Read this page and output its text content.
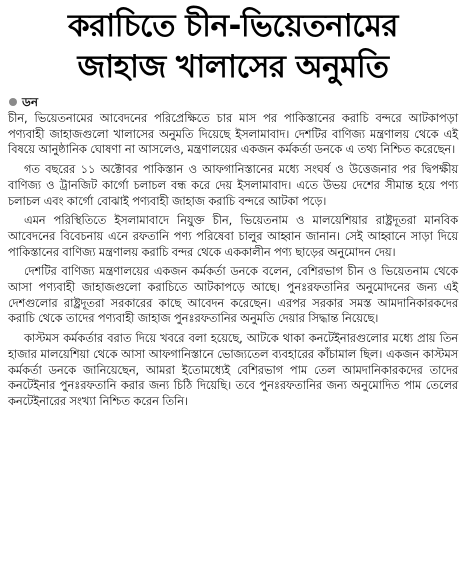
করাচিতে চীন-ভিয়েতনামের
জাহাজ খালাসের অনুমতি
ডন

চীন, ভিয়েতনামের আবেদনের পরিপ্রেক্ষিতে চার মাস পর পাকিস্তানের করাচি বন্দরে আটকাপড়া পণ্যবাহী জাহাজগুলো খালাসের অনুমতি দিয়েছে ইসলামাবাদ। দেশটির বাণিজ্য মন্ত্রণালয় থেকে এই বিষয়ে আনুষ্ঠানিক ঘোষণা না আসলেও, মন্ত্রণালয়ের একজন কর্মকর্তা ডনকে এ তথ্য নিশ্চিত করেছেন।

গত বছরের ১১ অক্টোবর পাকিস্তান ও আফগানিস্তানের মধ্যে সংঘর্ষ ও উত্তেজনার পর দ্বিপক্ষীয় বাণিজ্য ও ট্রানজিট কার্গো চলাচল বন্ধ করে দেয় ইসলামাবাদ। এতে উভয় দেশের সীমান্ত হয়ে পণ্য চলাচল এবং কার্গো বোঝাই পণ্যবাহী জাহাজ করাচি বন্দরে আটকা পড়ে।

এমন পরিস্থিতিতে ইসলামাবাদে নিযুক্ত চীন, ভিয়েতনাম ও মালয়েশিয়ার রাষ্ট্রদূতরা মানবিক আবেদনের বিবেচনায় এনে রফতানি পণ্য পরিষেবা চালুর আহ্বান জানান। সেই আহ্বানে সাড়া দিয়ে পাকিস্তানের বাণিজ্য মন্ত্রণালয় করাচি বন্দর থেকে এককালীন পণ্য ছাড়ের অনুমোদন দেয়।

দেশটির বাণিজ্য মন্ত্রণালয়ের একজন কর্মকর্তা ডনকে বলেন, বেশিরভাগ চীন ও ভিয়েতনাম থেকে আসা পণ্যবাহী জাহাজগুলো করাচিতে আটকাপড়ে আছে। পুনঃরফতানির অনুমোদনের জন্য এই দেশগুলোর রাষ্ট্রদূতরা সরকারের কাছে আবেদন করেছেন। এরপর সরকার সমস্ত আমদানিকারকদের করাচি থেকে তাদের পণ্যবাহী জাহাজ পুনঃরফতানির অনুমতি দেয়ার সিদ্ধান্ত নিয়েছে।

কাস্টমস কর্মকর্তার বরাত দিয়ে খবরে বলা হয়েছে, আটকে থাকা কনটেইনারগুলোর মধ্যে প্রায় তিন হাজার মালয়েশিয়া থেকে আসা আফগানিস্তানে ভোজ্যতেল ব্যবহারের কাঁচামাল ছিল। একজন কাস্টমস কর্মকর্তা ডনকে জানিয়েছেন, আমরা ইতোমধ্যেই বেশিরভাগ পাম তেল আমদানিকারকদের তাদের কনটেইনার পুনঃরফতানি করার জন্য চিঠি দিয়েছি। তবে পুনঃরফতানির জন্য অনুমোদিত পাম তেলের কনটেইনারের সংখ্যা নিশ্চিত করেন তিনি।
